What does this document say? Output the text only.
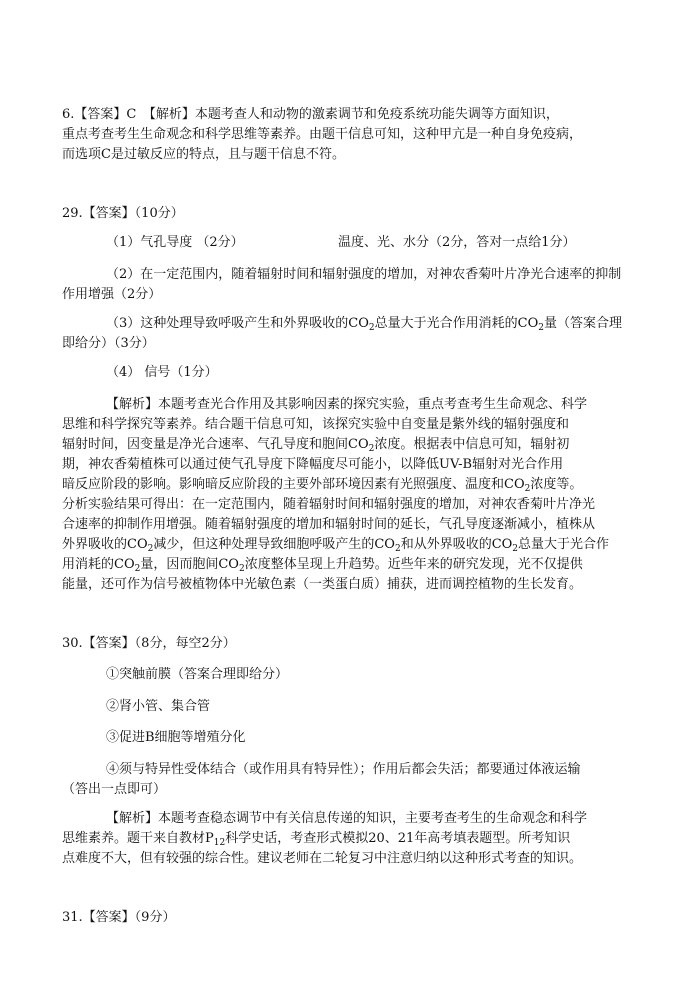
6.【答案】C　【解析】本题考查人和动物的激素调节和免疫系统功能失调等方面知识，
重点考查考生生命观念和科学思维等素养。由题干信息可知，这种甲亢是一种自身免疫病，
而选项C是过敏反应的特点，且与题干信息不符。
29.【答案】（10分）
（1）气孔导度 （2分）	温度、光、水分（2分，答对一点给1分）
（2）在一定范围内，随着辐射时间和辐射强度的增加，对神农香菊叶片净光合速率的抑制
作用增强（2分）
（3）这种处理导致呼吸产生和外界吸收的$CO_2$总量大于光合作用消耗的$CO_2$量（答案合理
即给分）（3分）
（4） 信号（1分）
【解析】本题考查光合作用及其影响因素的探究实验，重点考查考生生命观念、科学
思维和科学探究等素养。结合题干信息可知，该探究实验中自变量是紫外线的辐射强度和
辐射时间，因变量是净光合速率、气孔导度和胞间$CO_2$浓度。根据表中信息可知，辐射初
期，神农香菊植株可以通过使气孔导度下降幅度尽可能小，以降低UV-B辐射对光合作用
暗反应阶段的影响。影响暗反应阶段的主要外部环境因素有光照强度、温度和$CO_2$浓度等。
分析实验结果可得出：在一定范围内，随着辐射时间和辐射强度的增加，对神农香菊叶片净光
合速率的抑制作用增强。随着辐射强度的增加和辐射时间的延长，气孔导度逐渐减小，植株从
外界吸收的$CO_2$减少，但这种处理导致细胞呼吸产生的$CO_2$和从外界吸收的$CO_2$总量大于光合作
用消耗的$CO_2$量，因而胞间$CO_2$浓度整体呈现上升趋势。近些年来的研究发现，光不仅提供
能量，还可作为信号被植物体中光敏色素（一类蛋白质）捕获，进而调控植物的生长发育。
30.【答案】（8分，每空2分）
①突触前膜（答案合理即给分）
②肾小管、集合管
③促进B细胞等增殖分化
④须与特异性受体结合（或作用具有特异性）；作用后都会失活；都要通过体液运输
（答出一点即可）
【解析】本题考查稳态调节中有关信息传递的知识，主要考查考生的生命观念和科学
思维素养。题干来自教材$P_{12}$科学史话，考查形式模拟20、21年高考填表题型。所考知识
点难度不大，但有较强的综合性。建议老师在二轮复习中注意归纳以这种形式考查的知识。
31.【答案】（9分）
